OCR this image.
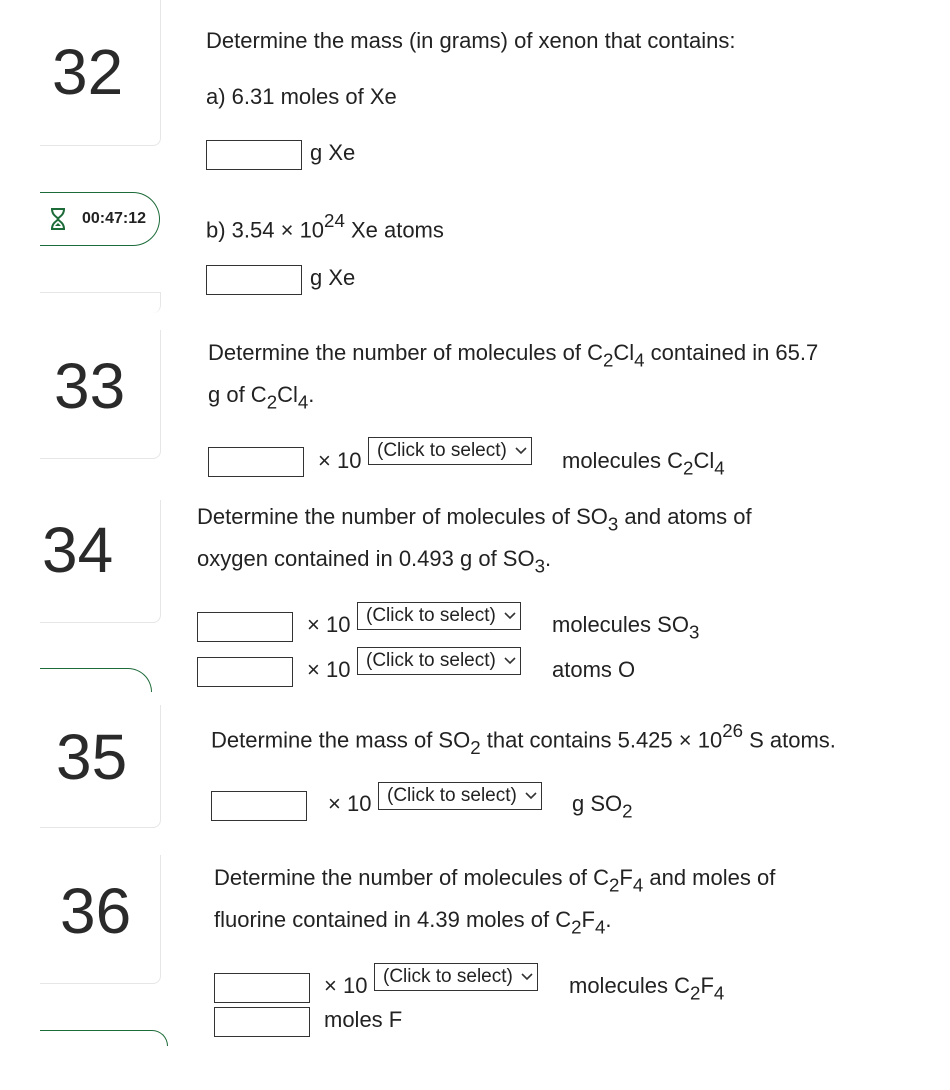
32
00:47:12
33
34
35
36
Determine the mass (in grams) of xenon that contains:
a) 6.31 moles of Xe
g Xe
b) $3.54 \times 10^{24}$ Xe atoms
g Xe
Determine the number of molecules of $C_2Cl_4$ contained in 65.7
g of $C_2Cl_4$.
× 10 (Click to select)	molecules $C_2Cl_4$
Determine the number of molecules of $SO_3$ and atoms of
oxygen contained in 0.493 g of $SO_3$.
× 10 (Click to select)	molecules $SO_3$
× 10 (Click to select)	atoms O
Determine the mass of $SO_2$ that contains $5.425 \times 10^{26}$ S atoms.
× 10 (Click to select)	g $SO_2$
Determine the number of molecules of $C_2F_4$ and moles of
fluorine contained in 4.39 moles of $C_2F_4$.
× 10 (Click to select)	molecules $C_2F_4$
moles F
